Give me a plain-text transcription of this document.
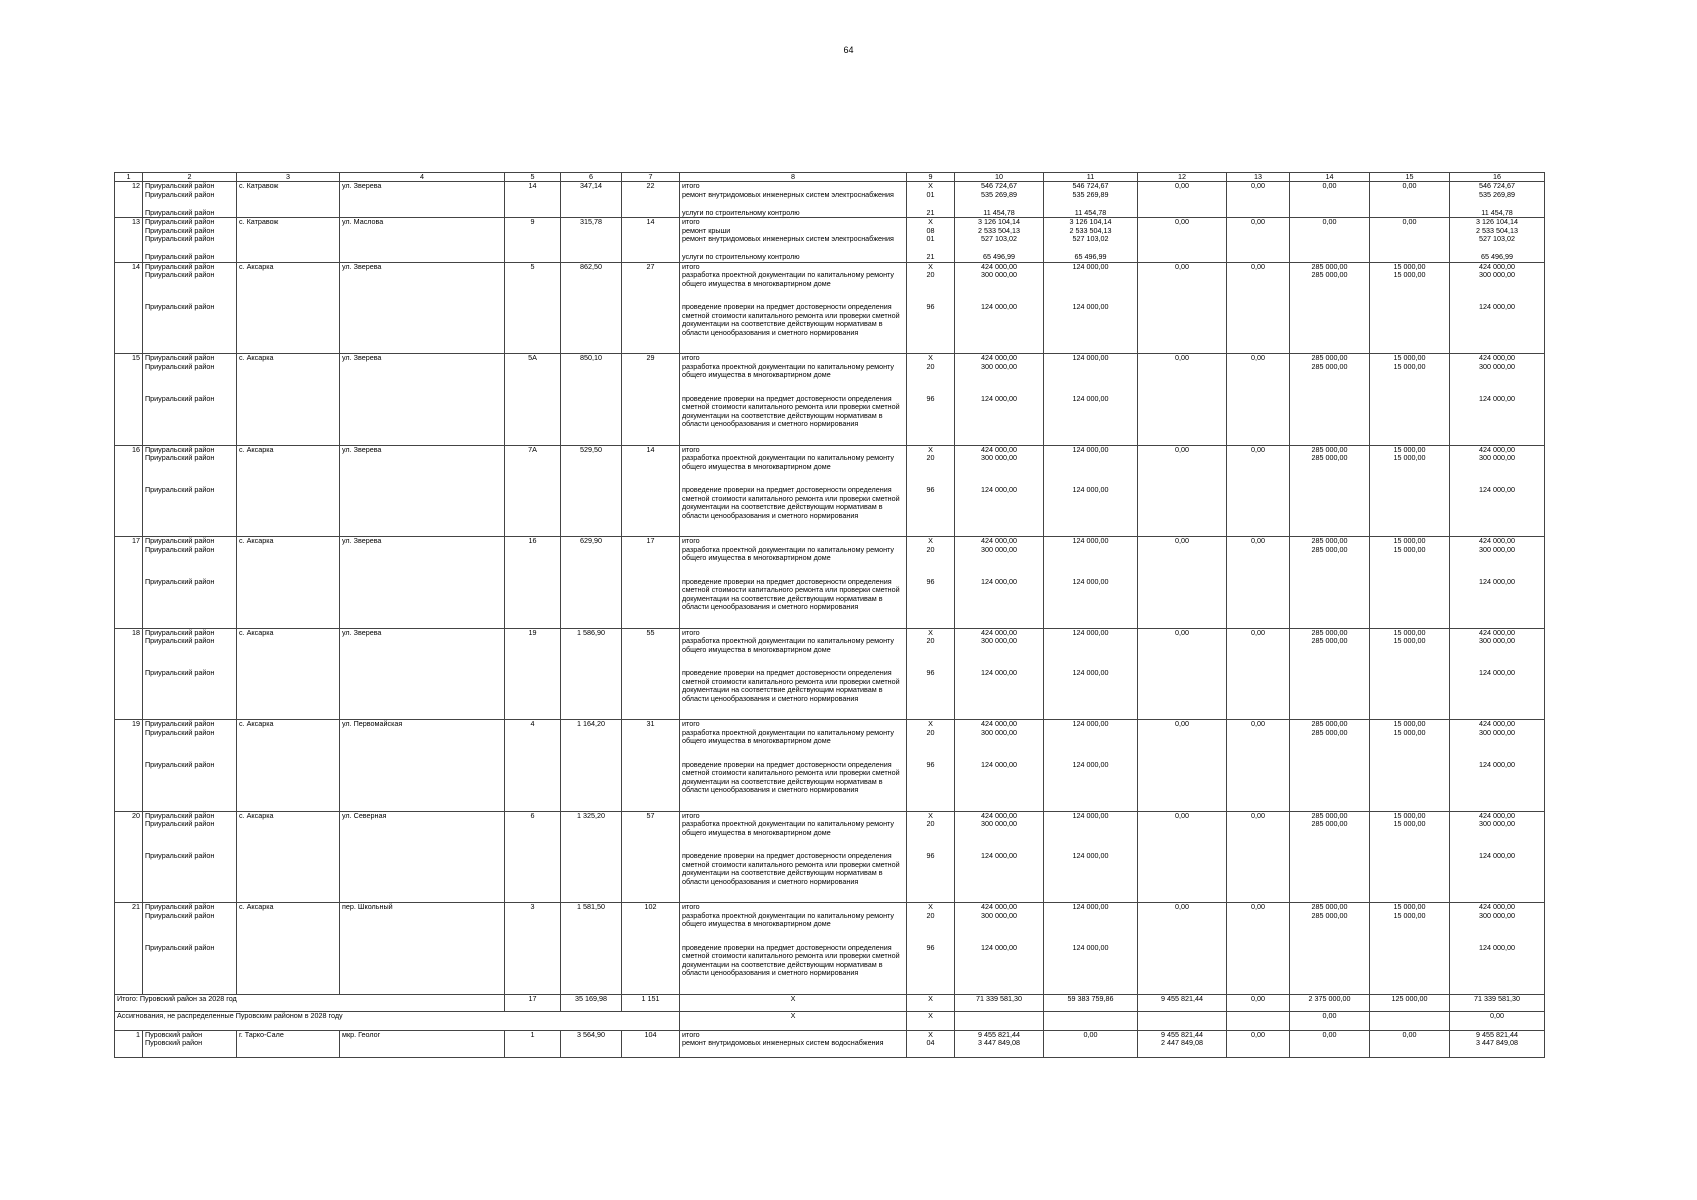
64
1	2	3	4	5	6	7	8	9	10	11	12	13	14	15	16
12	Приуральский район	с. Катравож	ул. Зверева	14	347,14	22	итого	Х	546 724,67	546 724,67	0,00	0,00	0,00	0,00	546 724,67
	Приуральский район						ремонт внутридомовых инженерных систем электроснабжения	01	535 269,89	535 269,89					535 269,89
	Приуральский район						услуги по строительному контролю	21	11 454,78	11 454,78					11 454,78
13	Приуральский район	с. Катравож	ул. Маслова	9	315,78	14	итого	Х	3 126 104,14	3 126 104,14	0,00	0,00	0,00	0,00	3 126 104,14
	Приуральский район						ремонт крыши	08	2 533 504,13	2 533 504,13					2 533 504,13
	Приуральский район						ремонт внутридомовых инженерных систем электроснабжения	01	527 103,02	527 103,02					527 103,02
	Приуральский район						услуги по строительному контролю	21	65 496,99	65 496,99					65 496,99
14	Приуральский район	с. Аксарка	ул. Зверева	5	862,50	27	итого	Х	424 000,00	124 000,00	0,00	0,00	285 000,00	15 000,00	424 000,00
	Приуральский район						разработка проектной документации по капитальному ремонту общего имущества в многоквартирном доме	20	300 000,00				285 000,00	15 000,00	300 000,00
	Приуральский район						проведение проверки на предмет достоверности определения сметной стоимости капитального ремонта или проверки сметной документации на соответствие действующим нормативам в области ценообразования и сметного нормирования	96	124 000,00	124 000,00					124 000,00
15	Приуральский район	с. Аксарка	ул. Зверева	5А	850,10	29	итого	Х	424 000,00	124 000,00	0,00	0,00	285 000,00	15 000,00	424 000,00
	Приуральский район						разработка проектной документации по капитальному ремонту общего имущества в многоквартирном доме	20	300 000,00				285 000,00	15 000,00	300 000,00
	Приуральский район						проведение проверки на предмет достоверности определения сметной стоимости капитального ремонта или проверки сметной документации на соответствие действующим нормативам в области ценообразования и сметного нормирования	96	124 000,00	124 000,00					124 000,00
16	Приуральский район	с. Аксарка	ул. Зверева	7А	529,50	14	итого	Х	424 000,00	124 000,00	0,00	0,00	285 000,00	15 000,00	424 000,00
	Приуральский район						разработка проектной документации по капитальному ремонту общего имущества в многоквартирном доме	20	300 000,00				285 000,00	15 000,00	300 000,00
	Приуральский район						проведение проверки на предмет достоверности определения сметной стоимости капитального ремонта или проверки сметной документации на соответствие действующим нормативам в области ценообразования и сметного нормирования	96	124 000,00	124 000,00					124 000,00
17	Приуральский район	с. Аксарка	ул. Зверева	16	629,90	17	итого	Х	424 000,00	124 000,00	0,00	0,00	285 000,00	15 000,00	424 000,00
	Приуральский район						разработка проектной документации по капитальному ремонту общего имущества в многоквартирном доме	20	300 000,00				285 000,00	15 000,00	300 000,00
	Приуральский район						проведение проверки на предмет достоверности определения сметной стоимости капитального ремонта или проверки сметной документации на соответствие действующим нормативам в области ценообразования и сметного нормирования	96	124 000,00	124 000,00					124 000,00
18	Приуральский район	с. Аксарка	ул. Зверева	19	1 586,90	55	итого	Х	424 000,00	124 000,00	0,00	0,00	285 000,00	15 000,00	424 000,00
	Приуральский район						разработка проектной документации по капитальному ремонту общего имущества в многоквартирном доме	20	300 000,00				285 000,00	15 000,00	300 000,00
	Приуральский район						проведение проверки на предмет достоверности определения сметной стоимости капитального ремонта или проверки сметной документации на соответствие действующим нормативам в области ценообразования и сметного нормирования	96	124 000,00	124 000,00					124 000,00
19	Приуральский район	с. Аксарка	ул. Первомайская	4	1 164,20	31	итого	Х	424 000,00	124 000,00	0,00	0,00	285 000,00	15 000,00	424 000,00
	Приуральский район						разработка проектной документации по капитальному ремонту общего имущества в многоквартирном доме	20	300 000,00				285 000,00	15 000,00	300 000,00
	Приуральский район						проведение проверки на предмет достоверности определения сметной стоимости капитального ремонта или проверки сметной документации на соответствие действующим нормативам в области ценообразования и сметного нормирования	96	124 000,00	124 000,00					124 000,00
20	Приуральский район	с. Аксарка	ул. Северная	6	1 325,20	57	итого	Х	424 000,00	124 000,00	0,00	0,00	285 000,00	15 000,00	424 000,00
	Приуральский район						разработка проектной документации по капитальному ремонту общего имущества в многоквартирном доме	20	300 000,00				285 000,00	15 000,00	300 000,00
	Приуральский район						проведение проверки на предмет достоверности определения сметной стоимости капитального ремонта или проверки сметной документации на соответствие действующим нормативам в области ценообразования и сметного нормирования	96	124 000,00	124 000,00					124 000,00
21	Приуральский район	с. Аксарка	пер. Школьный	3	1 581,50	102	итого	Х	424 000,00	124 000,00	0,00	0,00	285 000,00	15 000,00	424 000,00
	Приуральский район						разработка проектной документации по капитальному ремонту общего имущества в многоквартирном доме	20	300 000,00				285 000,00	15 000,00	300 000,00
	Приуральский район						проведение проверки на предмет достоверности определения сметной стоимости капитального ремонта или проверки сметной документации на соответствие действующим нормативам в области ценообразования и сметного нормирования	96	124 000,00	124 000,00					124 000,00
Итого: Пуровский район за 2028 год				17	35 169,98	1 151	Х	Х	71 339 581,30	59 383 759,86	9 455 821,44	0,00	2 375 000,00	125 000,00	71 339 581,30
Ассигнования, не распределенные Пуровским районом в 2028 году							Х	Х					0,00		0,00
1	Пуровский район	г. Тарко-Сале	мкр. Геолог	1	3 564,90	104	итого	Х	9 455 821,44	0,00	9 455 821,44	0,00	0,00	0,00	9 455 821,44
	Пуровский район						ремонт внутридомовых инженерных систем водоснабжения	04	3 447 849,08		2 447 849,08				3 447 849,08
